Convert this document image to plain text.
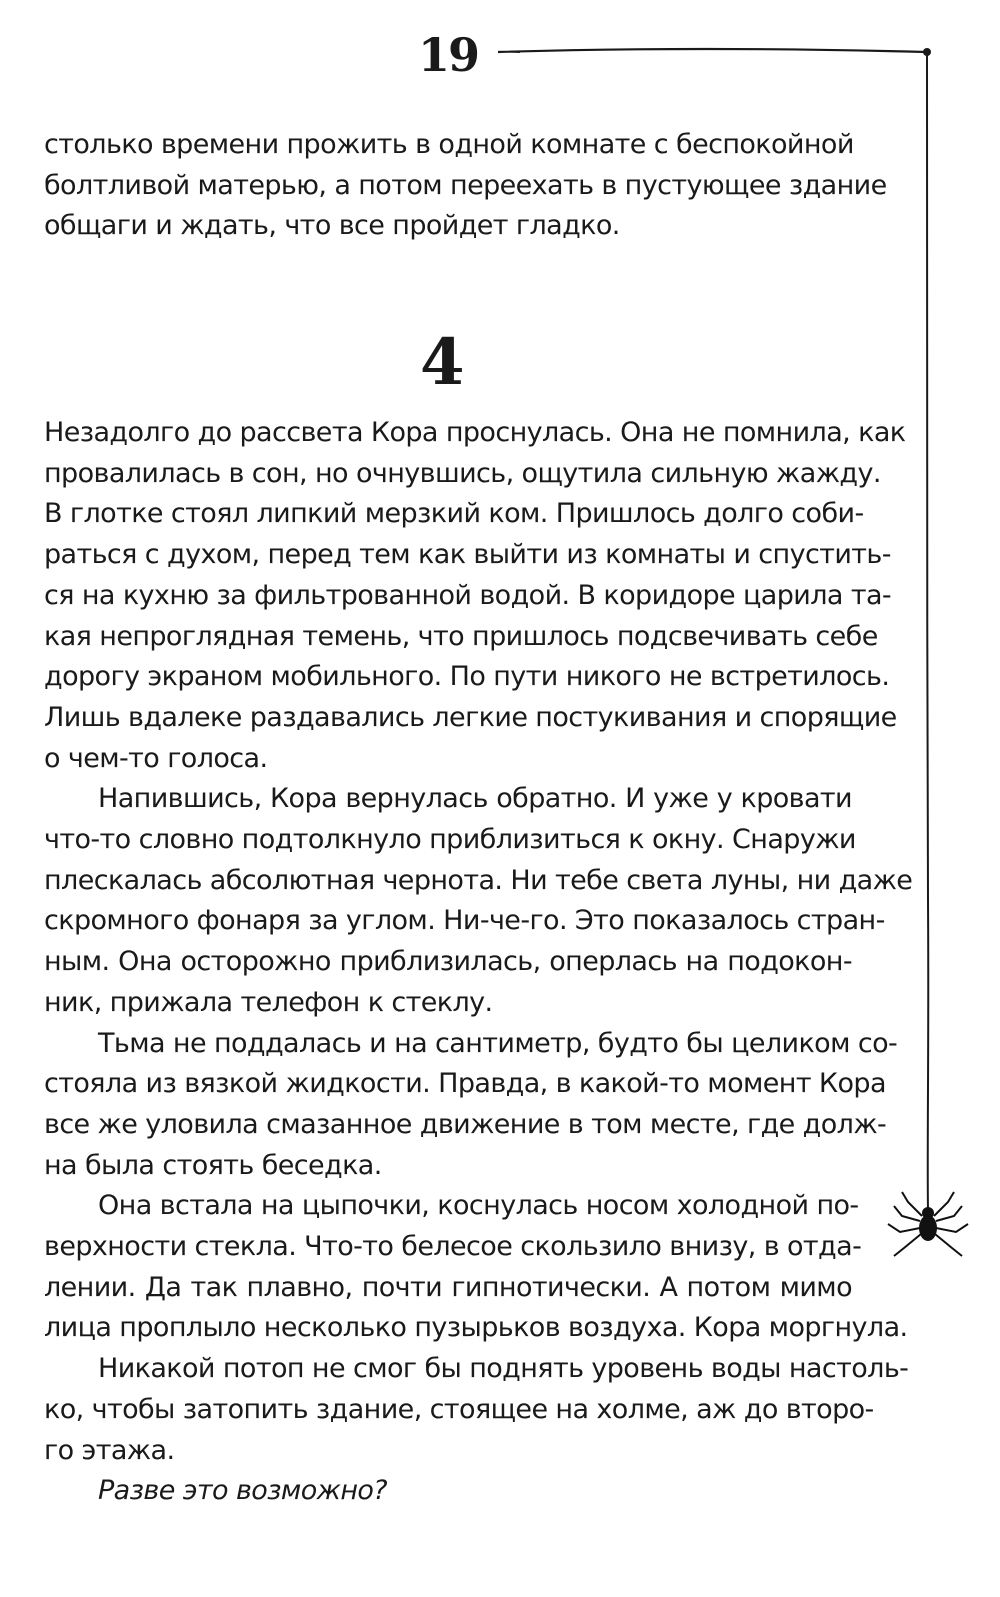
19
столько времени прожить в одной комнате с беспокойной
болтливой матерью, а потом переехать в пустующее здание
общаги и ждать, что все пройдет гладко.
4
Незадолго до рассвета Кора проснулась. Она не помнила, как
провалилась в сон, но очнувшись, ощутила сильную жажду.
В глотке стоял липкий мерзкий ком. Пришлось долго соби-
раться с духом, перед тем как выйти из комнаты и спустить-
ся на кухню за фильтрованной водой. В коридоре царила та-
кая непроглядная темень, что пришлось подсвечивать себе
дорогу экраном мобильного. По пути никого не встретилось.
Лишь вдалеке раздавались легкие постукивания и спорящие
о чем-то голоса.
Напившись, Кора вернулась обратно. И уже у кровати
что-то словно подтолкнуло приблизиться к окну. Снаружи
плескалась абсолютная чернота. Ни тебе света луны, ни даже
скромного фонаря за углом. Ни-че-го. Это показалось стран-
ным. Она осторожно приблизилась, оперлась на подокон-
ник, прижала телефон к стеклу.
Тьма не поддалась и на сантиметр, будто бы целиком со-
стояла из вязкой жидкости. Правда, в какой-то момент Кора
все же уловила смазанное движение в том месте, где долж-
на была стоять беседка.
Она встала на цыпочки, коснулась носом холодной по-
верхности стекла. Что-то белесое скользило внизу, в отда-
лении. Да так плавно, почти гипнотически. А потом мимо
лица проплыло несколько пузырьков воздуха. Кора моргнула.
Никакой потоп не смог бы поднять уровень воды настоль-
ко, чтобы затопить здание, стоящее на холме, аж до второ-
го этажа.
Разве это возможно?
